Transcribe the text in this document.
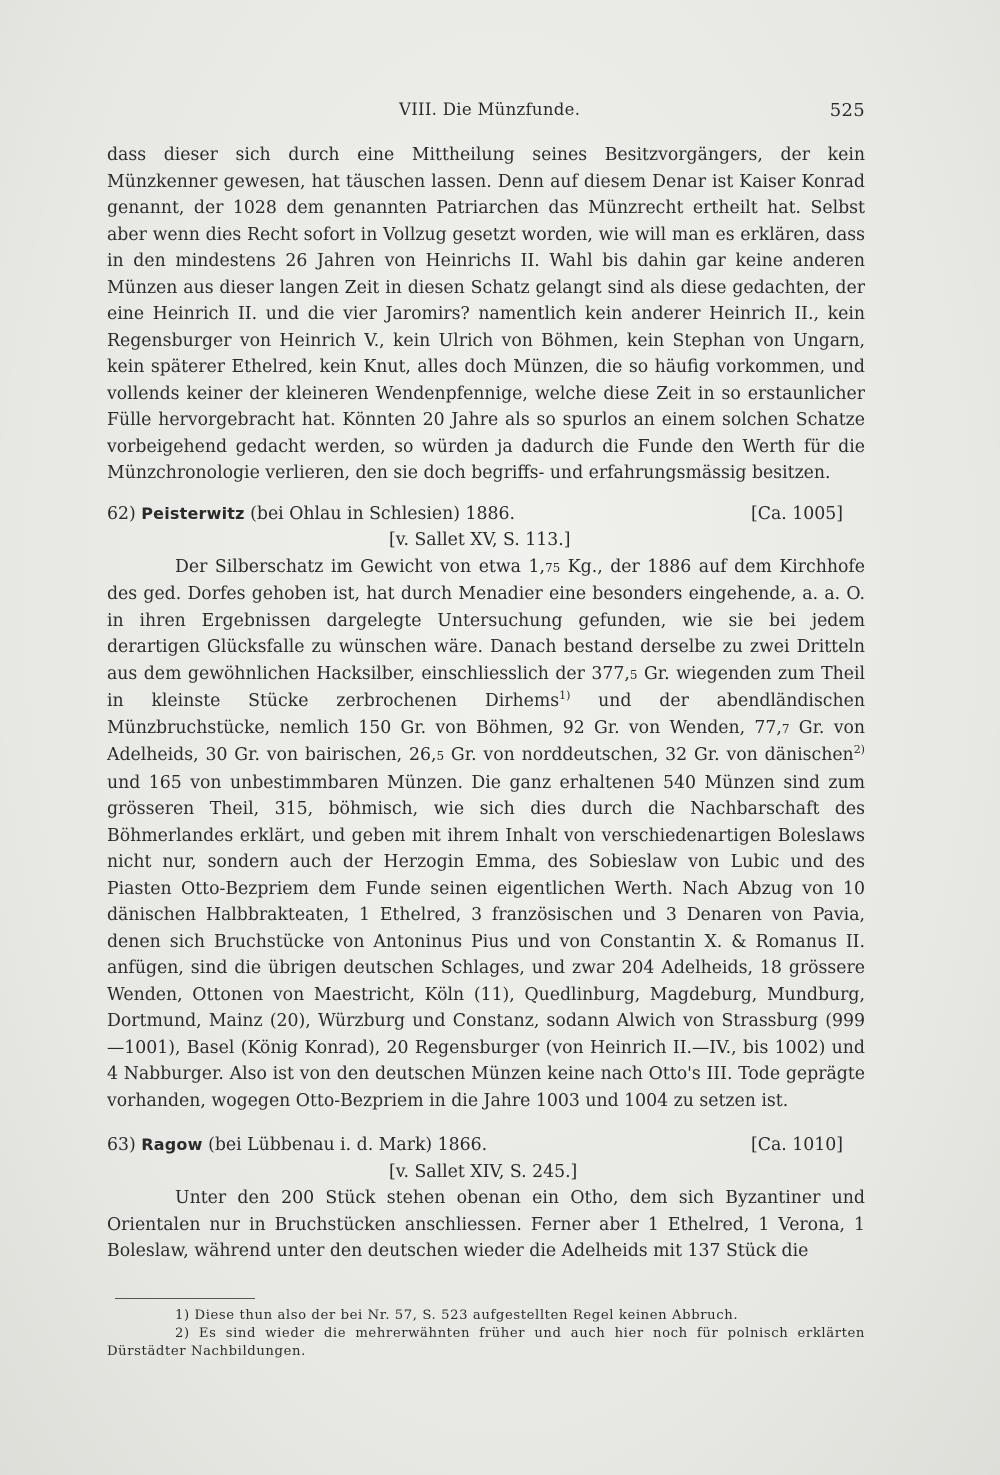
VIII. Die Münzfunde.	525

dass dieser sich durch eine Mittheilung seines Besitzvorgängers, der kein Münzkenner gewesen, hat täuschen lassen. Denn auf diesem Denar ist Kaiser Konrad genannt, der 1028 dem genannten Patriarchen das Münzrecht ertheilt hat. Selbst aber wenn dies Recht sofort in Vollzug gesetzt worden, wie will man es erklären, dass in den mindestens 26 Jahren von Heinrichs II. Wahl bis dahin gar keine anderen Münzen aus dieser langen Zeit in diesen Schatz gelangt sind als diese gedachten, der eine Heinrich II. und die vier Jaromirs? namentlich kein anderer Heinrich II., kein Regensburger von Heinrich V., kein Ulrich von Böhmen, kein Stephan von Ungarn, kein späterer Ethelred, kein Knut, alles doch Münzen, die so häufig vorkommen, und vollends keiner der kleineren Wendenpfennige, welche diese Zeit in so erstaunlicher Fülle hervorgebracht hat. Könnten 20 Jahre als so spurlos an einem solchen Schatze vorbeigehend gedacht werden, so würden ja dadurch die Funde den Werth für die Münzchronologie verlieren, den sie doch begriffs- und erfahrungsmässig besitzen.

62) Peisterwitz (bei Ohlau in Schlesien) 1886.	[Ca. 1005]
[v. Sallet XV, S. 113.]

Der Silberschatz im Gewicht von etwa 1,75 Kg., der 1886 auf dem Kirchhofe des ged. Dorfes gehoben ist, hat durch Menadier eine besonders eingehende, a. a. O. in ihren Ergebnissen dargelegte Untersuchung gefunden, wie sie bei jedem derartigen Glücksfalle zu wünschen wäre. Danach bestand derselbe zu zwei Dritteln aus dem gewöhnlichen Hacksilber, einschliesslich der 377,5 Gr. wiegenden zum Theil in kleinste Stücke zerbrochenen Dirhems$^{1)}$ und der abendländischen Münzbruchstücke, nemlich 150 Gr. von Böhmen, 92 Gr. von Wenden, 77,7 Gr. von Adelheids, 30 Gr. von bairischen, 26,5 Gr. von norddeutschen, 32 Gr. von dänischen$^{2)}$ und 165 von unbestimmbaren Münzen. Die ganz erhaltenen 540 Münzen sind zum grösseren Theil, 315, böhmisch, wie sich dies durch die Nachbarschaft des Böhmerlandes erklärt, und geben mit ihrem Inhalt von verschiedenartigen Boleslaws nicht nur, sondern auch der Herzogin Emma, des Sobieslaw von Lubic und des Piasten Otto-Bezpriem dem Funde seinen eigentlichen Werth. Nach Abzug von 10 dänischen Halbbrakteaten, 1 Ethelred, 3 französischen und 3 Denaren von Pavia, denen sich Bruchstücke von Antoninus Pius und von Constantin X. & Romanus II. anfügen, sind die übrigen deutschen Schlages, und zwar 204 Adelheids, 18 grössere Wenden, Ottonen von Maestricht, Köln (11), Quedlinburg, Magdeburg, Mundburg, Dortmund, Mainz (20), Würzburg und Constanz, sodann Alwich von Strassburg (999—1001), Basel (König Konrad), 20 Regensburger (von Heinrich II.—IV., bis 1002) und 4 Nabburger. Also ist von den deutschen Münzen keine nach Otto's III. Tode geprägte vorhanden, wogegen Otto-Bezpriem in die Jahre 1003 und 1004 zu setzen ist.

63) Ragow (bei Lübbenau i. d. Mark) 1866.	[Ca. 1010]
[v. Sallet XIV, S. 245.]

Unter den 200 Stück stehen obenan ein Otho, dem sich Byzantiner und Orientalen nur in Bruchstücken anschliessen. Ferner aber 1 Ethelred, 1 Verona, 1 Boleslaw, während unter den deutschen wieder die Adelheids mit 137 Stück die

1) Diese thun also der bei Nr. 57, S. 523 aufgestellten Regel keinen Abbruch.

2) Es sind wieder die mehrerwähnten früher und auch hier noch für polnisch erklärten Dürstädter Nachbildungen.
